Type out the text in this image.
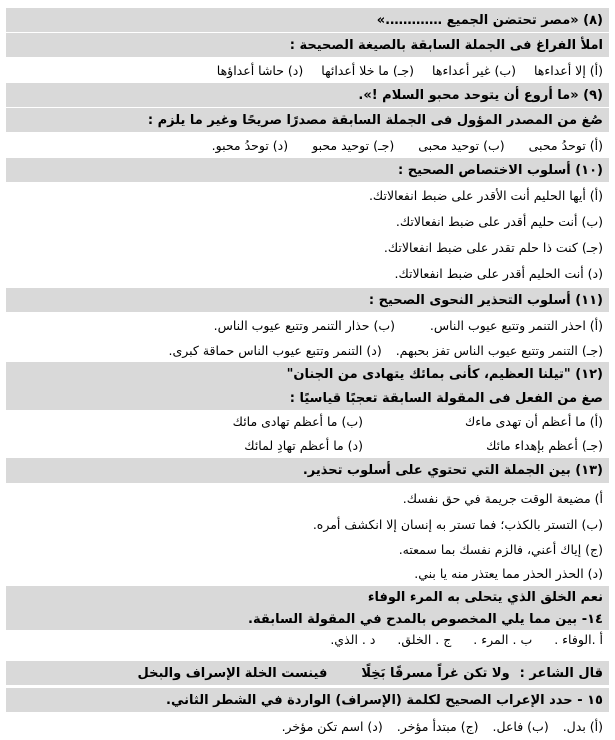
(٨) «مصر تحتضن الجميع ………….»
املأ الفراغ فى الجملة السابقة بالصيغة الصحيحة :
(أ) إلا أعداءها
(ب) غير أعداءها
(جـ) ما خلا أعدائها
(د) حاشا أعداؤها
(٩) «ما أروع أن يتوحد محبو السلام !».
صُغ من المصدر المؤول فى الجملة السابقة مصدرًا صريحًا وغير ما يلزم :
(أ) توحدُ محبى
(ب) توحيد محبى
(جـ) توحيد محبو
(د) توحدُ محبو.
(١٠) أسلوب الاختصاص الصحيح :
(أ) أيها الحليم أنت الأقدر على ضبط انفعالاتك.
(ب) أنت حليم أقدر على ضبط انفعالاتك.
(جـ) كنت ذا حلم تقدر على ضبط انفعالاتك.
(د) أنت الحليم أقدر على ضبط انفعالاتك.
(١١) أسلوب التحذير النحوى الصحيح :
(أ) احذر التنمر وتتبع عيوب الناس.
(ب) حذار التنمر وتتبع عيوب الناس.
(جـ) التنمر وتتبع عيوب الناس تفز بحبهم.
(د) التنمر وتتبع عيوب الناس حماقة كبرى.
(١٢) "تيلنا العظيم، كأنى بمائك يتهادى من الجنان"
صغ من الفعل فى المقولة السابقة تعجبًا قياسيًا :
(أ) ما أعظم أن تهدى ماءك
(ب) ما أعظم تهادى مائك
(جـ) أعظم بإهداء مائك
(د) ما أعظم تهادِ لمائك
(١٣) بين الجملة التي تحتوي على أسلوب تحذير.
أ) مضيعة الوقت جريمة في حق نفسك.
(ب) التستر بالكذب؛ فما تستر به إنسان إلا انكشف أمره.
(ج) إياك أعني، فالزم نفسك بما سمعته.
(د) الحذر الحذر مما يعتذر منه يا بني.
نعم الخلق الذي يتحلى به المرء الوفاء
١٤- بين مما يلي المخصوص بالمدح في المقولة السابقة.
أ .الوفاء .
ب . المرء .
ج . الخلق.
د . الذي.
قال الشاعر :
ولا تكن غراً مسرفًا بَخِلًا
فينست الخلة الإسراف والبخل
١٥ - حدد الإعراب الصحيح لكلمة (الإسراف) الواردة في الشطر الثاني.
(أ) بدل.
(ب) فاعل.
(ج) مبتدأ مؤخر.
(د) اسم تكن مؤخر.
